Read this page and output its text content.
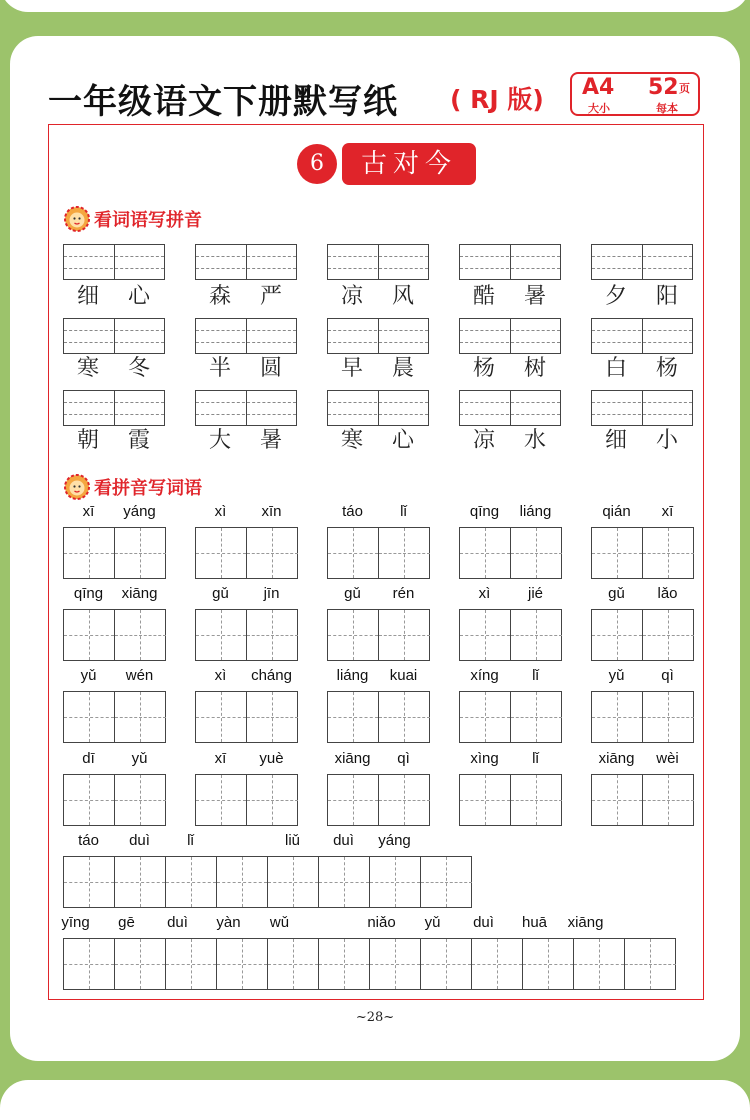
一年级语文下册默写纸 ( RJ 版) A4
大小
52 页
每本
6	古对今
看词语写拼音
细 心	森 严	凉 风	酷 暑	夕 阳
寒 冬	半 圆	早 晨	杨 树	白 杨
朝 霞	大 暑	寒 心	凉 水	细 小
看拼音写词语
xī	yáng	xì	xīn	táo	lǐ	qīng	liáng	qián	xī
qīng	xiāng	gǔ	jīn	gǔ	rén	xì	jié	gǔ	lǎo
yǔ	wén	xì	cháng	liáng	kuai	xíng	lǐ	yǔ	qì
dī	yǔ	xī	yuè	xiāng	qì	xìng	lǐ	xiāng	wèi
táo	duì	lǐ	liǔ	duì	yáng
yīng	gē	duì	yàn	wǔ	niǎo	yǔ	duì	huā	xiāng
~28~
